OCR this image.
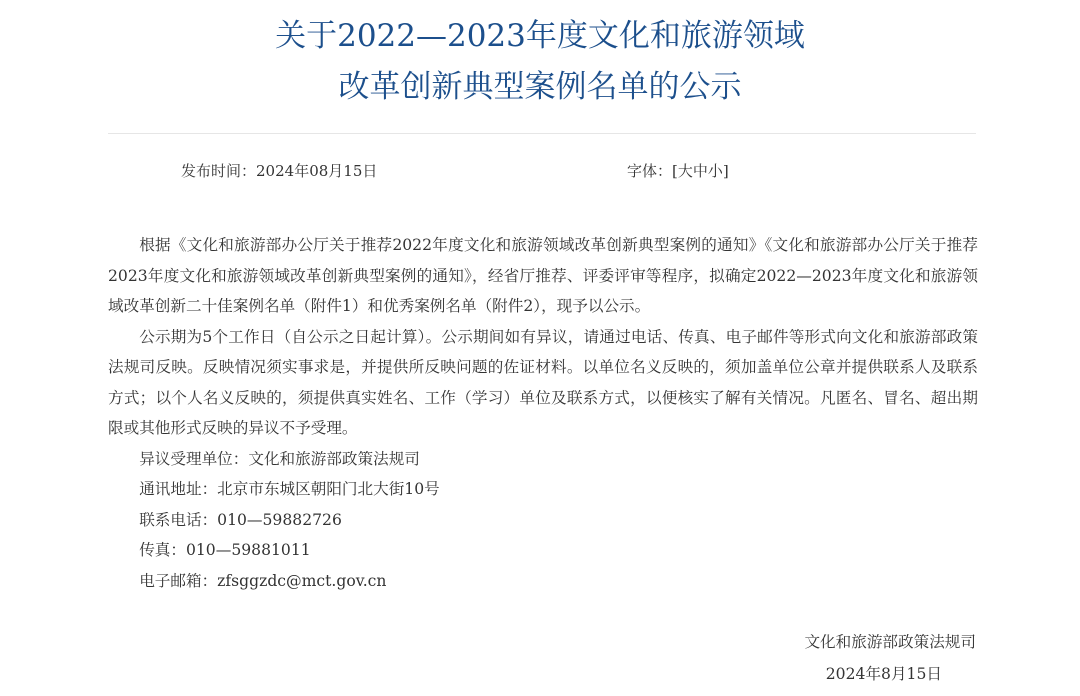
关于2022—2023年度文化和旅游领域
改革创新典型案例名单的公示
发布时间：2024年08月15日	字体：[大中小]

根据《文化和旅游部办公厅关于推荐2022年度文化和旅游领域改革创新典型案例的通知》《文化和旅游部办公厅关于推荐2023年度文化和旅游领域改革创新典型案例的通知》，经省厅推荐、评委评审等程序，拟确定2022—2023年度文化和旅游领域改革创新二十佳案例名单（附件1）和优秀案例名单（附件2），现予以公示。

公示期为5个工作日（自公示之日起计算）。公示期间如有异议，请通过电话、传真、电子邮件等形式向文化和旅游部政策法规司反映。反映情况须实事求是，并提供所反映问题的佐证材料。以单位名义反映的，须加盖单位公章并提供联系人及联系方式；以个人名义反映的，须提供真实姓名、工作（学习）单位及联系方式，以便核实了解有关情况。凡匿名、冒名、超出期限或其他形式反映的异议不予受理。

异议受理单位：文化和旅游部政策法规司

通讯地址：北京市东城区朝阳门北大街10号

联系电话：010—59882726

传真：010—59881011

电子邮箱：zfsggzdc@mct.gov.cn

文化和旅游部政策法规司
2024年8月15日
